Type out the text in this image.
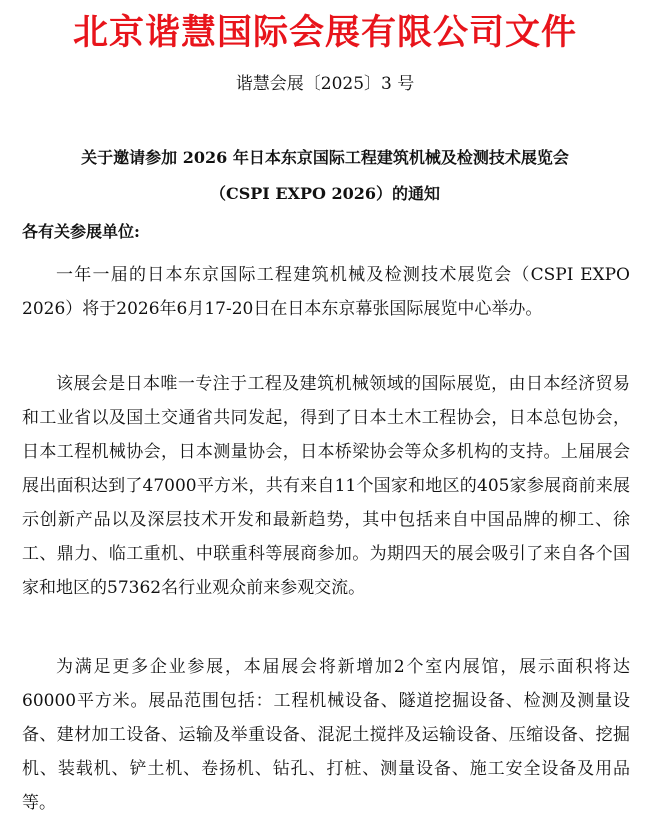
北京谐慧国际会展有限公司文件
谐慧会展〔2025〕3 号
关于邀请参加 2026 年日本东京国际工程建筑机械及检测技术展览会
（CSPI EXPO 2026）的通知
各有关参展单位:

一年一届的日本东京国际工程建筑机械及检测技术展览会（CSPI EXPO 2026）将于2026年6月17-20日在日本东京幕张国际展览中心举办。

该展会是日本唯一专注于工程及建筑机械领域的国际展览，由日本经济贸易和工业省以及国土交通省共同发起，得到了日本土木工程协会，日本总包协会，日本工程机械协会，日本测量协会，日本桥梁协会等众多机构的支持。上届展会展出面积达到了47000平方米，共有来自11个国家和地区的405家参展商前来展示创新产品以及深层技术开发和最新趋势，其中包括来自中国品牌的柳工、徐工、鼎力、临工重机、中联重科等展商参加。为期四天的展会吸引了来自各个国家和地区的57362名行业观众前来参观交流。

为满足更多企业参展，本届展会将新增加2个室内展馆，展示面积将达60000平方米。展品范围包括：工程机械设备、隧道挖掘设备、检测及测量设备、建材加工设备、运输及举重设备、混泥土搅拌及运输设备、压缩设备、挖掘机、装载机、铲土机、卷扬机、钻孔、打桩、测量设备、施工安全设备及用品等。
